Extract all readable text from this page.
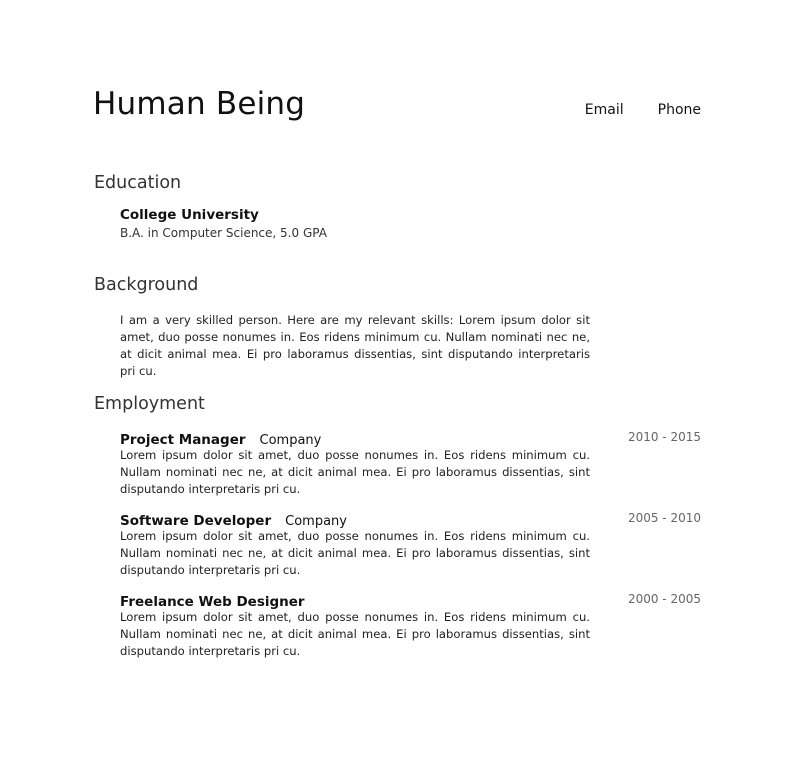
Human Being	Email Phone
Education
College University
B.A. in Computer Science, 5.0 GPA
Background
I am a very skilled person. Here are my relevant skills: Lorem ipsum dolor sit amet, duo posse nonumes in. Eos ridens minimum cu. Nullam nominati nec ne, at dicit animal mea. Ei pro laboramus dissentias, sint disputando interpretaris pri cu.
Employment
Project Manager Company	2010 - 2015
Lorem ipsum dolor sit amet, duo posse nonumes in. Eos ridens minimum cu. Nullam nominati nec ne, at dicit animal mea. Ei pro laboramus dissentias, sint disputando interpretaris pri cu.
Software Developer Company	2005 - 2010
Lorem ipsum dolor sit amet, duo posse nonumes in. Eos ridens minimum cu. Nullam nominati nec ne, at dicit animal mea. Ei pro laboramus dissentias, sint disputando interpretaris pri cu.
Freelance Web Designer	2000 - 2005
Lorem ipsum dolor sit amet, duo posse nonumes in. Eos ridens minimum cu. Nullam nominati nec ne, at dicit animal mea. Ei pro laboramus dissentias, sint disputando interpretaris pri cu.
